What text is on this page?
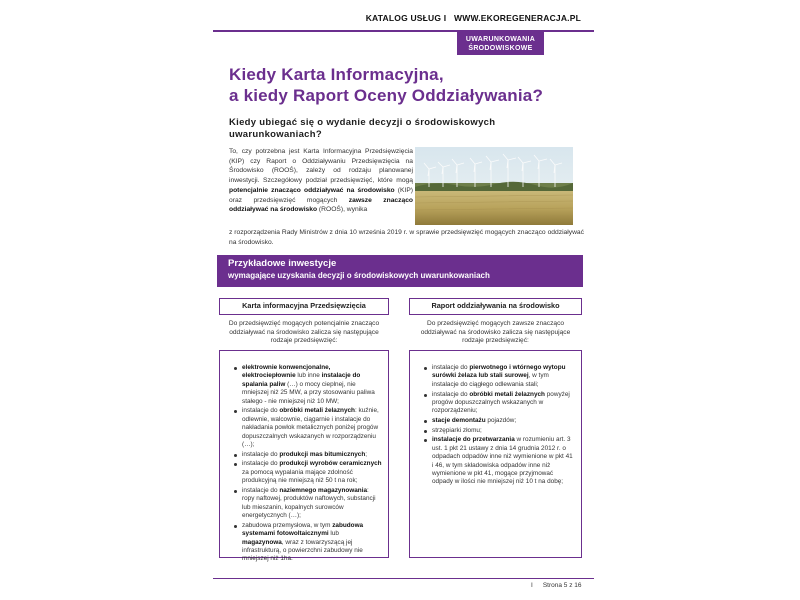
KATALOG USŁUG I WWW.EKOREGENERACJA.PL
UWARUNKOWANIA
ŚRODOWISKOWE
Kiedy Karta Informacyjna,
a kiedy Raport Oceny Oddziaływania?
Kiedy ubiegać się o wydanie decyzji o środowiskowych
uwarunkowaniach?
To, czy potrzebna jest Karta Informacyjna Przedsięwzięcia (KIP) czy Raport o Oddziaływaniu Przedsięwzięcia na Środowisko (ROOŚ), zależy od rodzaju planowanej inwestycji. Szczegółowy podział przedsięwzięć, które mogą potencjalnie znacząco oddziaływać na środowisko (KIP) oraz przedsięwzięć mogących zawsze znacząco oddziaływać na środowisko (ROOŚ), wynika
z rozporządzenia Rady Ministrów z dnia 10 września 2019 r. w sprawie przedsięwzięć mogących znacząco oddziaływać na środowisko.
Przykładowe inwestycje
wymagające uzyskania decyzji o środowiskowych uwarunkowaniach
Karta informacyjna Przedsięwzięcia
Do przedsięwzięć mogących potencjalnie znacząco oddziaływać na środowisko zalicza się następujące rodzaje przedsięwzięć:
elektrownie konwencjonalne, elektrociepłownie lub inne instalacje do spalania paliw (…) o mocy cieplnej, nie mniejszej niż 25 MW, a przy stosowaniu paliwa stałego - nie mniejszej niż 10 MW;
instalacje do obróbki metali żelaznych: kuźnie, odlewnie, walcownie, ciągarnie i instalacje do nakładania powłok metalicznych poniżej progów dopuszczalnych wskazanych w rozporządzeniu (…);
instalacje do produkcji mas bitumicznych;
instalacje do produkcji wyrobów ceramicznych za pomocą wypalania mające zdolność produkcyjną nie mniejszą niż 50 t na rok;
instalacje do naziemnego magazynowania: ropy naftowej, produktów naftowych, substancji lub mieszanin, kopalnych surowców energetycznych (…);
zabudowa przemysłowa, w tym zabudowa systemami fotowoltaicznymi lub magazynowa, wraz z towarzyszącą jej infrastrukturą, o powierzchni zabudowy nie mniejszej niż 1ha.
Raport oddziaływania na środowisko
Do przedsięwzięć mogących zawsze znacząco oddziaływać na środowisko zalicza się następujące rodzaje przedsięwzięć:
instalacje do pierwotnego i wtórnego wytopu surówki żelaza lub stali surowej, w tym instalacje do ciągłego odlewania stali;
instalacje do obróbki metali żelaznych powyżej progów dopuszczalnych wskazanych w rozporządzeniu;
stacje demontażu pojazdów;
strzępiarki złomu;
instalacje do przetwarzania w rozumieniu art. 3 ust. 1 pkt 21 ustawy z dnia 14 grudnia 2012 r. o odpadach odpadów inne niż wymienione w pkt 41 i 46, w tym składowiska odpadów inne niż wymienione w pkt 41, mogące przyjmować odpady w ilości nie mniejszej niż 10 t na dobę;
I Strona 5 z 16
